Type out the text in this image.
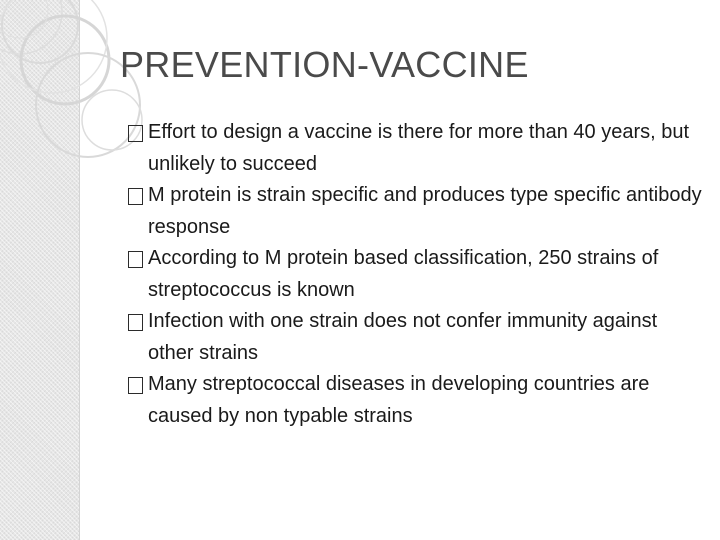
PREVENTION-VACCINE
Effort to design a vaccine is there for more than 40 years, but unlikely to succeed
M protein is strain specific and produces type specific antibody response
According to M protein based classification, 250 strains of streptococcus is known
Infection with one strain does not confer immunity against other strains
Many streptococcal diseases in developing countries are caused by non typable strains
